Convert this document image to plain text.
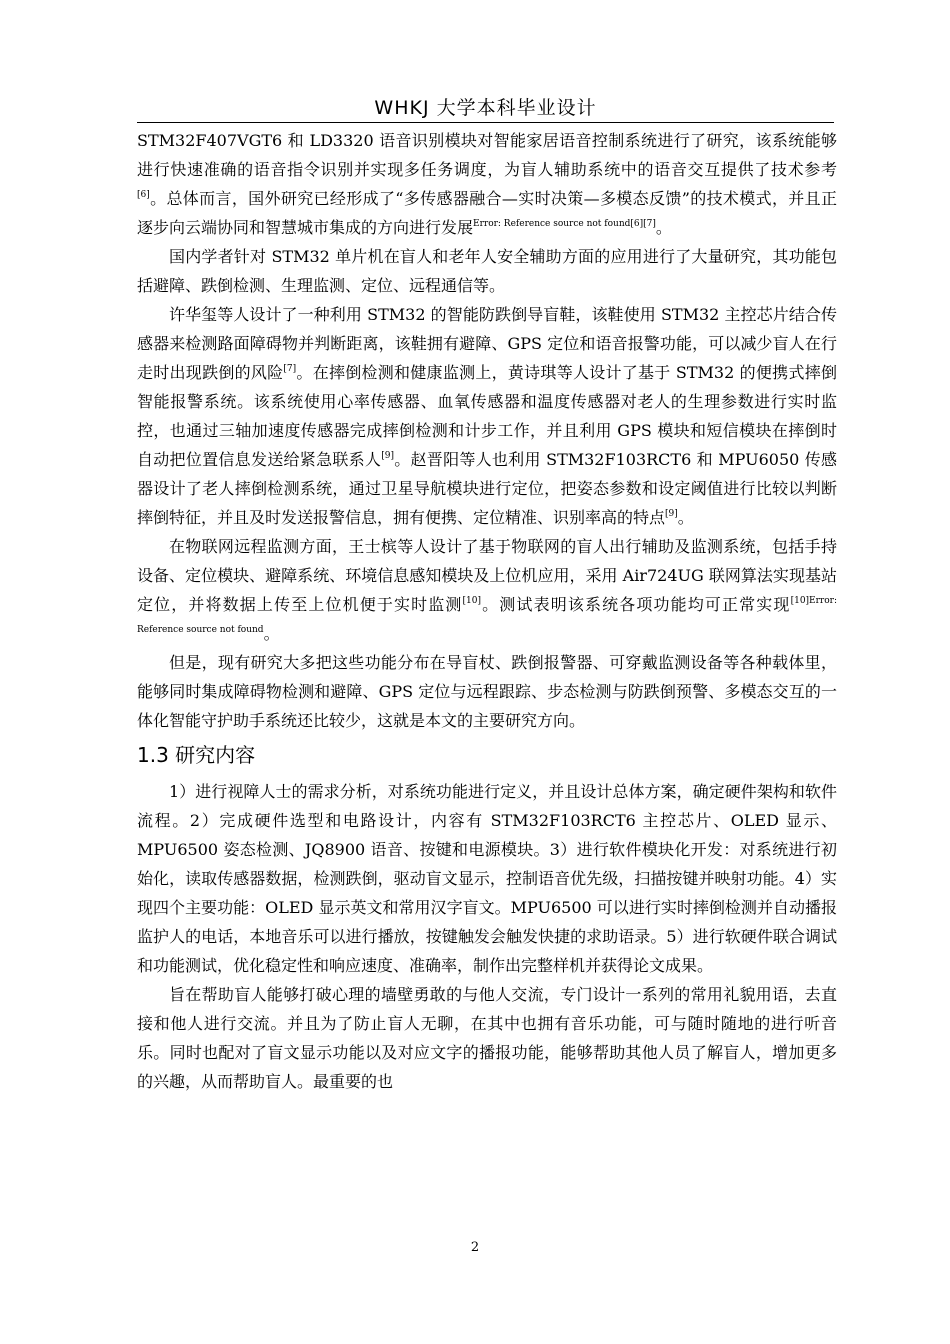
WHKJ 大学本科毕业设计

STM32F407VGT6 和 LD3320 语音识别模块对智能家居语音控制系统进行了研究，该系统能够进行快速准确的语音指令识别并实现多任务调度，为盲人辅助系统中的语音交互提供了技术参考[6]。总体而言，国外研究已经形成了“多传感器融合—实时决策—多模态反馈”的技术模式，并且正逐步向云端协同和智慧城市集成的方向进行发展$^{Error: Reference source not found[6][7]}$。

国内学者针对 STM32 单片机在盲人和老年人安全辅助方面的应用进行了大量研究，其功能包括避障、跌倒检测、生理监测、定位、远程通信等。

许华玺等人设计了一种利用 STM32 的智能防跌倒导盲鞋，该鞋使用 STM32 主控芯片结合传感器来检测路面障碍物并判断距离，该鞋拥有避障、GPS 定位和语音报警功能，可以减少盲人在行走时出现跌倒的风险[7]。在摔倒检测和健康监测上，黄诗琪等人设计了基于 STM32 的便携式摔倒智能报警系统。该系统使用心率传感器、血氧传感器和温度传感器对老人的生理参数进行实时监控，也通过三轴加速度传感器完成摔倒检测和计步工作，并且利用 GPS 模块和短信模块在摔倒时自动把位置信息发送给紧急联系人[9]。赵晋阳等人也利用 STM32F103RCT6 和 MPU6050 传感器设计了老人摔倒检测系统，通过卫星导航模块进行定位，把姿态参数和设定阈值进行比较以判断摔倒特征，并且及时发送报警信息，拥有便携、定位精准、识别率高的特点[9]。

在物联网远程监测方面，王士槟等人设计了基于物联网的盲人出行辅助及监测系统，包括手持设备、定位模块、避障系统、环境信息感知模块及上位机应用，采用 Air724UG 联网算法实现基站定位，并将数据上传至上位机便于实时监测[10]。测试表明该系统各项功能均可正常实现$^{[10]Error: Reference source not found}$。

但是，现有研究大多把这些功能分布在导盲杖、跌倒报警器、可穿戴监测设备等各种载体里，能够同时集成障碍物检测和避障、GPS 定位与远程跟踪、步态检测与防跌倒预警、多模态交互的一体化智能守护助手系统还比较少，这就是本文的主要研究方向。

1.3 研究内容

1）进行视障人士的需求分析，对系统功能进行定义，并且设计总体方案，确定硬件架构和软件流程。2）完成硬件选型和电路设计，内容有 STM32F103RCT6 主控芯片、OLED 显示、MPU6500 姿态检测、JQ8900 语音、按键和电源模块。3）进行软件模块化开发：对系统进行初始化，读取传感器数据，检测跌倒，驱动盲文显示，控制语音优先级，扫描按键并映射功能。4）实现四个主要功能：OLED 显示英文和常用汉字盲文。MPU6500 可以进行实时摔倒检测并自动播报监护人的电话，本地音乐可以进行播放，按键触发会触发快捷的求助语录。5）进行软硬件联合调试和功能测试，优化稳定性和响应速度、准确率，制作出完整样机并获得论文成果。

旨在帮助盲人能够打破心理的墙壁勇敢的与他人交流，专门设计一系列的常用礼貌用语，去直接和他人进行交流。并且为了防止盲人无聊，在其中也拥有音乐功能，可与随时随地的进行听音乐。同时也配对了盲文显示功能以及对应文字的播报功能，能够帮助其他人员了解盲人，增加更多的兴趣，从而帮助盲人。最重要的也

2
